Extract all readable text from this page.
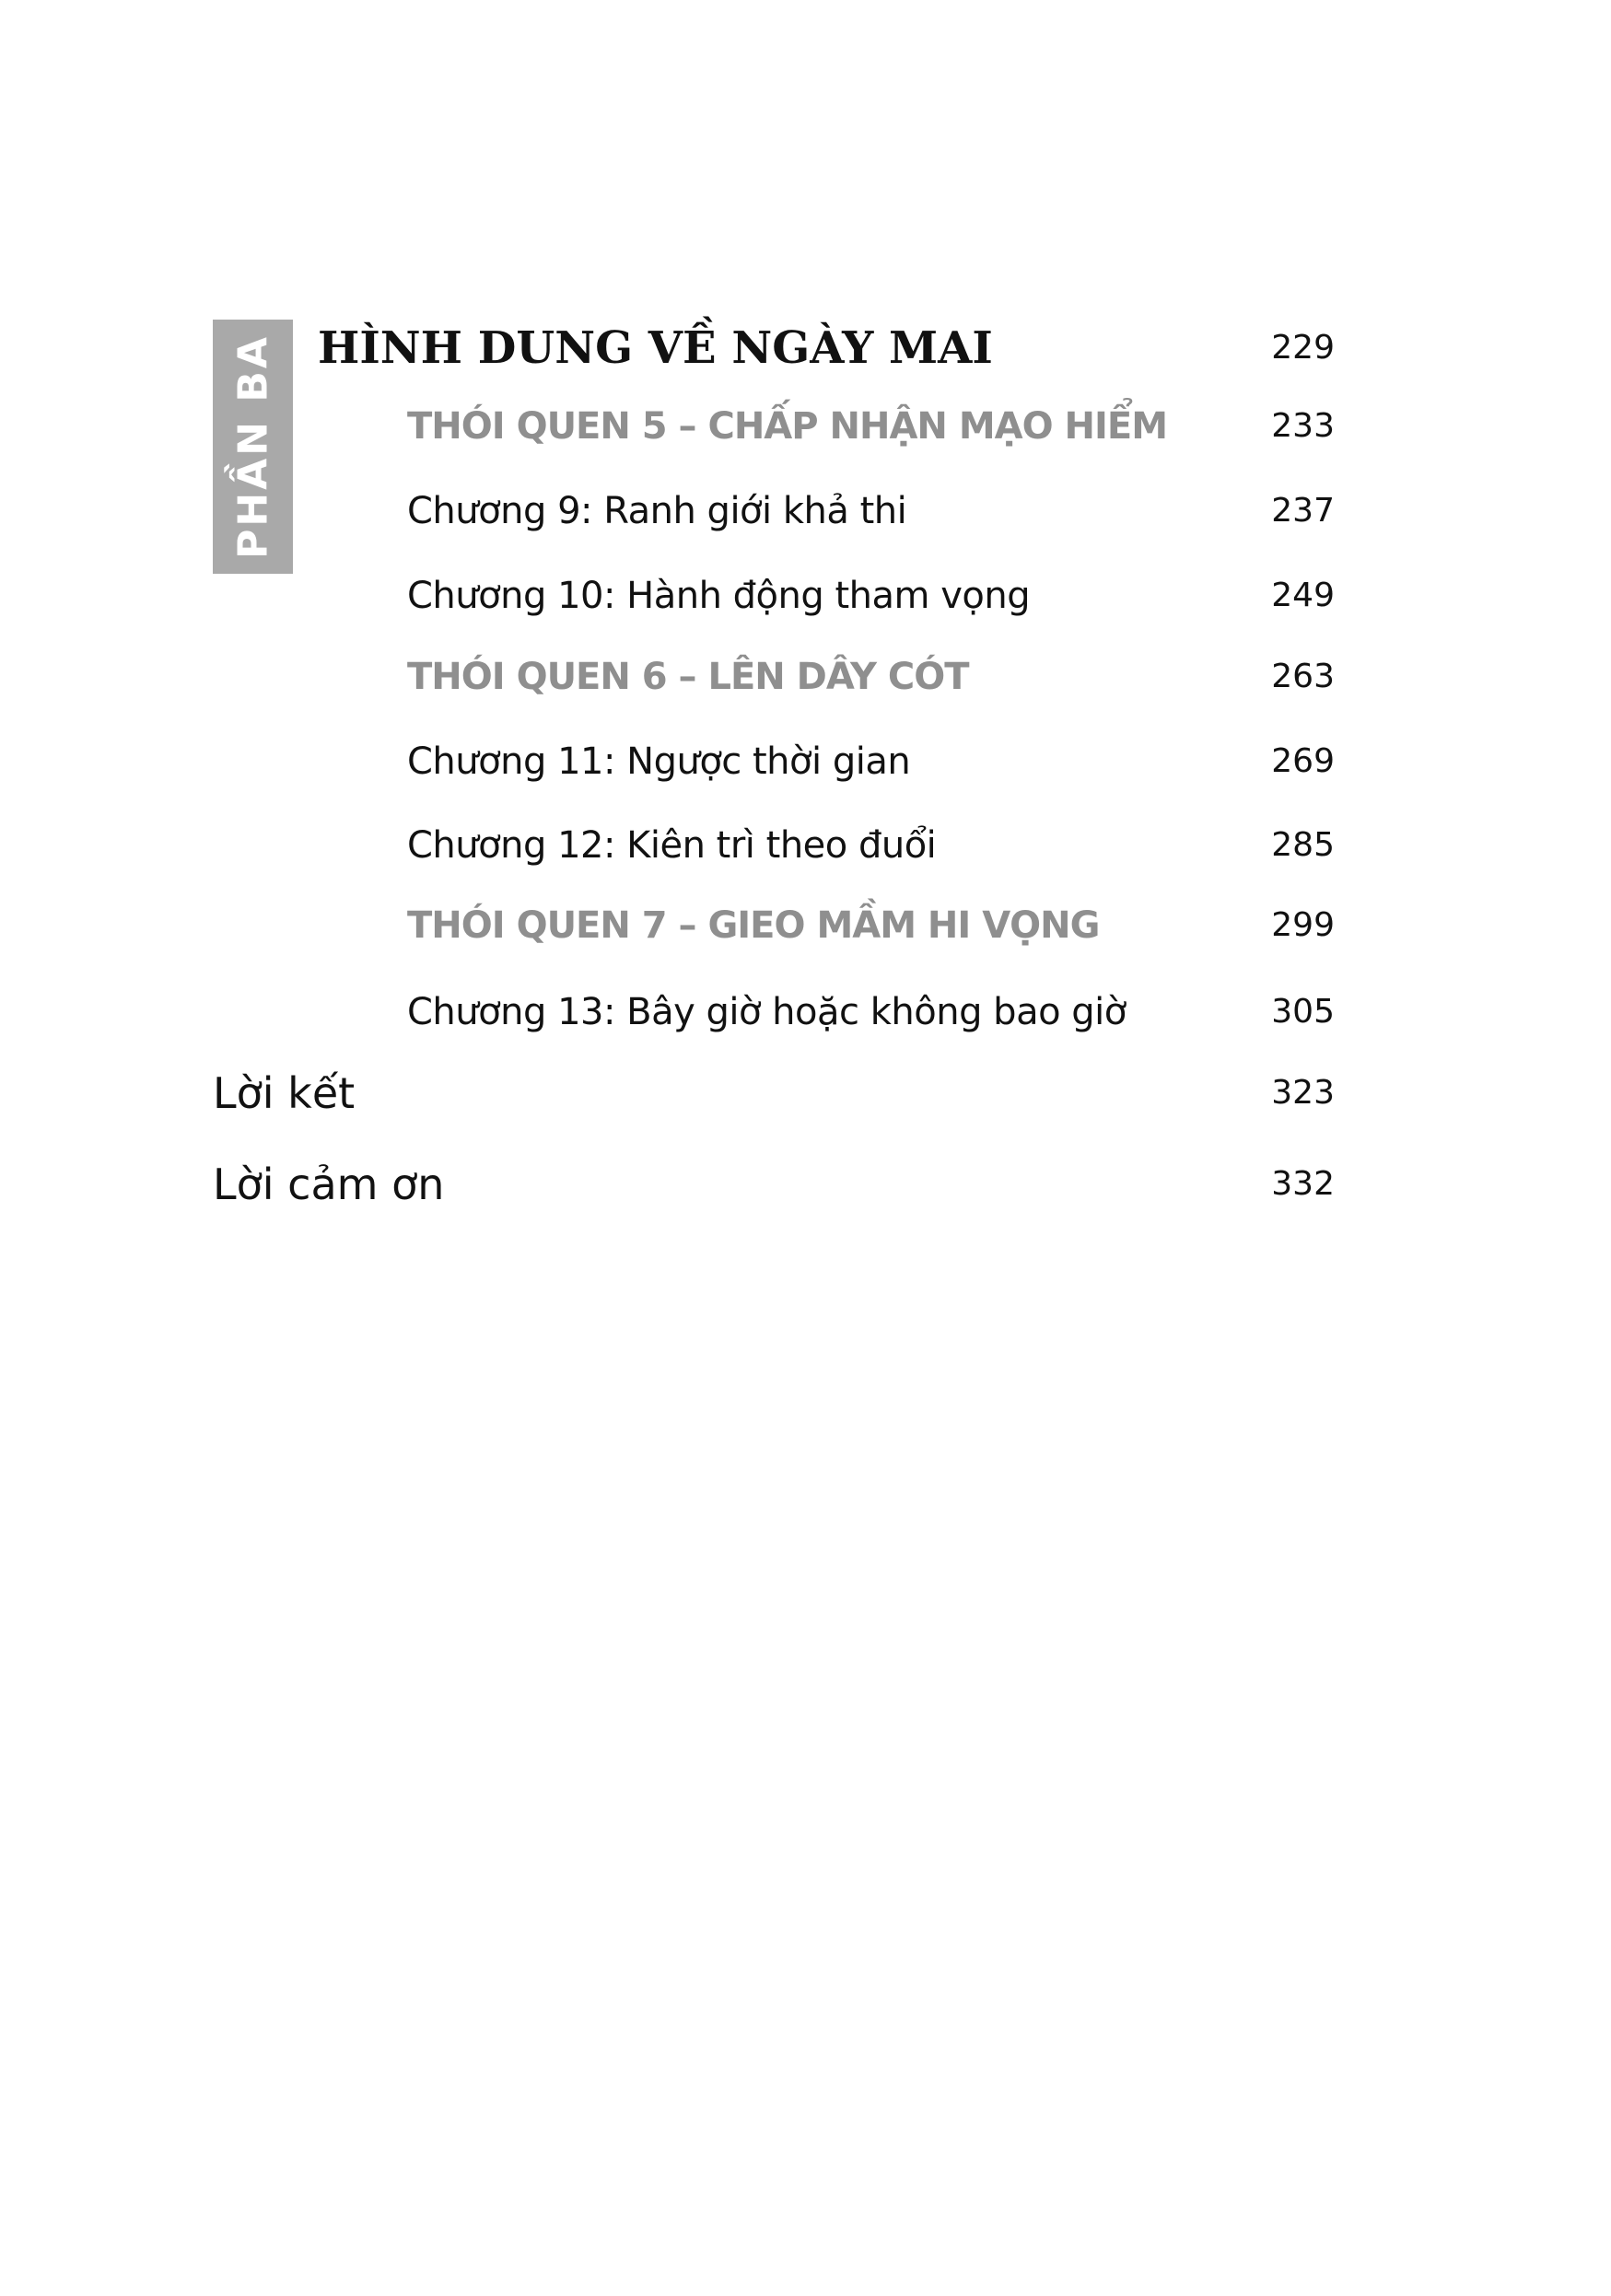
PHẦN BA HÌNH DUNG VỀ NGÀY MAI	229
THÓI QUEN 5 – CHẤP NHẬN MẠO HIỂM	233
Chương 9: Ranh giới khả thi	237
Chương 10: Hành động tham vọng	249
THÓI QUEN 6 – LÊN DÂY CÓT	263
Chương 11: Ngược thời gian	269
Chương 12: Kiên trì theo đuổi	285
THÓI QUEN 7 – GIEO MẦM HI VỌNG	299
Chương 13: Bây giờ hoặc không bao giờ	305
Lời kết	323
Lời cảm ơn	332
